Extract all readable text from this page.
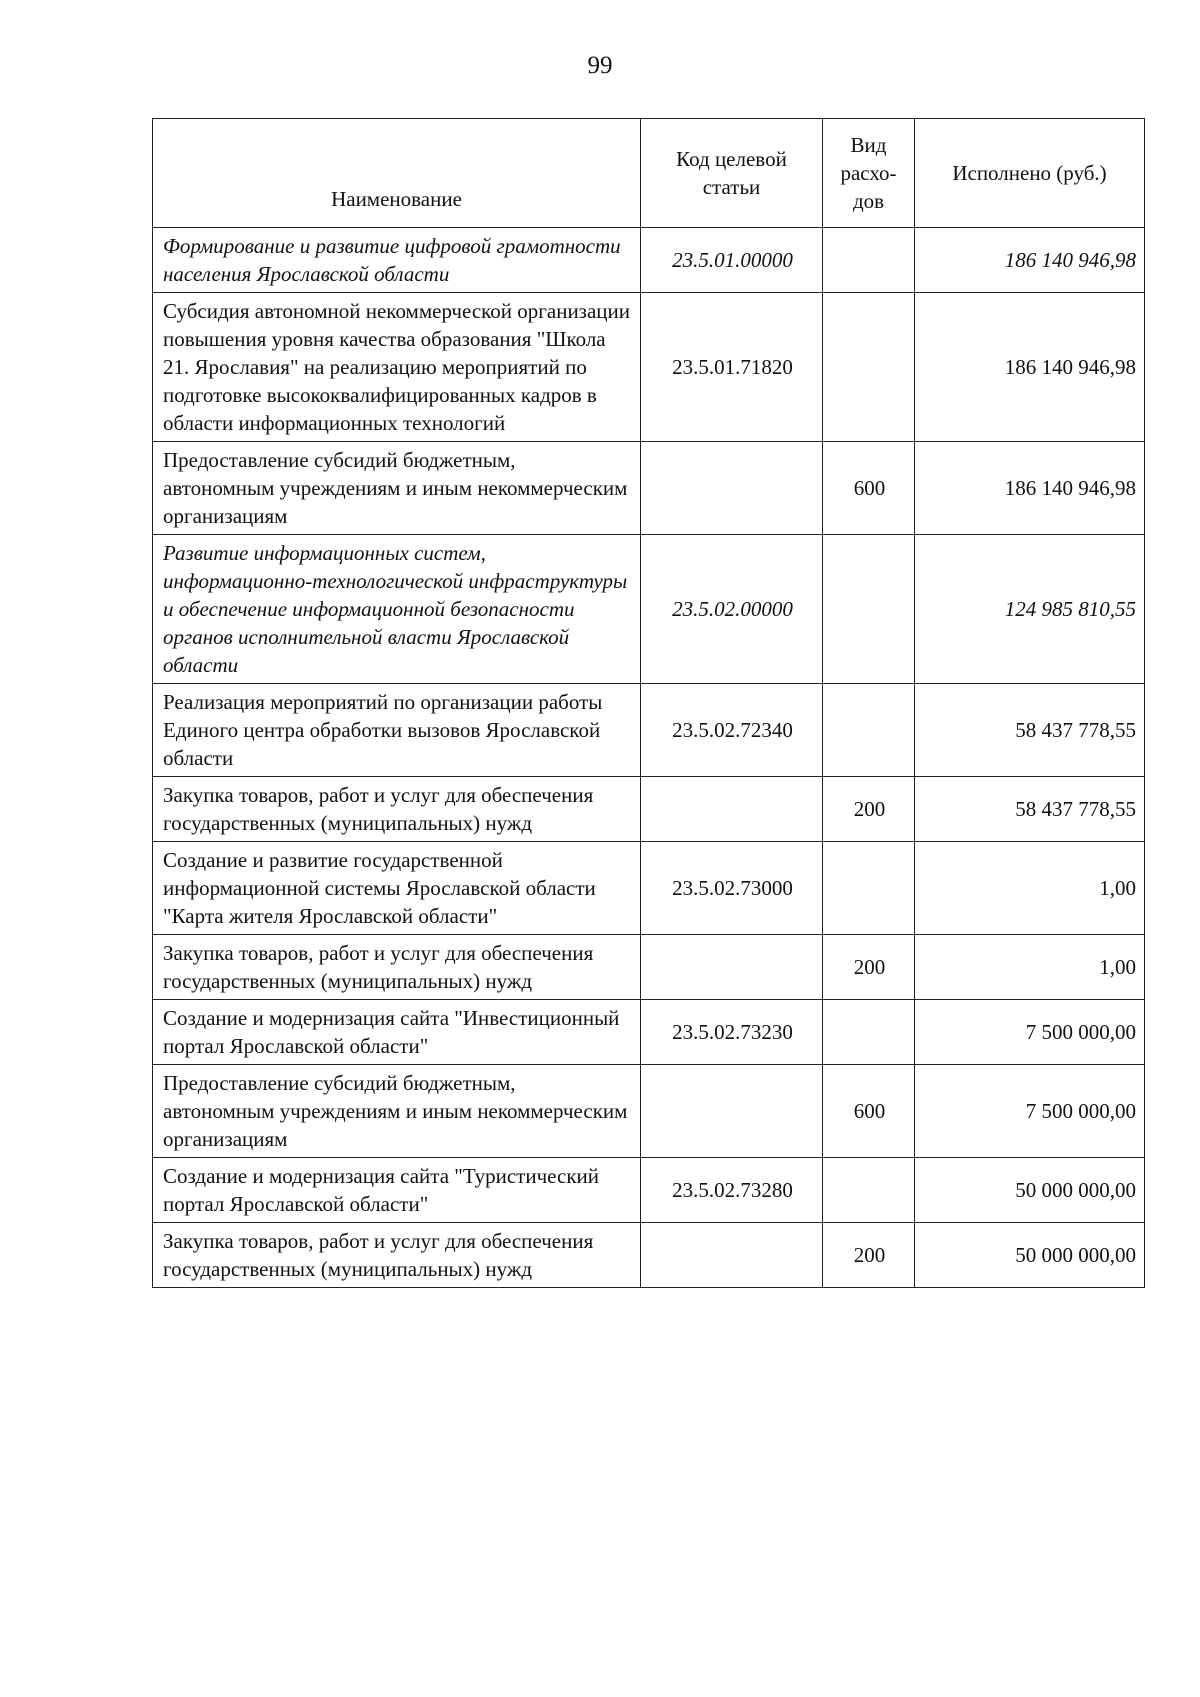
99
Наименование	Код целевой статьи	Вид расхо-дов	Исполнено (руб.)
Формирование и развитие цифровой грамотности населения Ярославской области	23.5.01.00000		186 140 946,98
Субсидия автономной некоммерческой организации повышения уровня качества образования "Школа 21. Ярославия" на реализацию мероприятий по подготовке высококвалифицированных кадров в области информационных технологий	23.5.01.71820		186 140 946,98
Предоставление субсидий бюджетным, автономным учреждениям и иным некоммерческим организациям		600	186 140 946,98
Развитие информационных систем, информационно-технологической инфраструктуры и обеспечение информационной безопасности органов исполнительной власти Ярославской области	23.5.02.00000		124 985 810,55
Реализация мероприятий по организации работы Единого центра обработки вызовов Ярославской области	23.5.02.72340		58 437 778,55
Закупка товаров, работ и услуг для обеспечения государственных (муниципальных) нужд		200	58 437 778,55
Создание и развитие государственной информационной системы Ярославской области "Карта жителя Ярославской области"	23.5.02.73000		1,00
Закупка товаров, работ и услуг для обеспечения государственных (муниципальных) нужд		200	1,00
Создание и модернизация сайта "Инвестиционный портал Ярославской области"	23.5.02.73230		7 500 000,00
Предоставление субсидий бюджетным, автономным учреждениям и иным некоммерческим организациям		600	7 500 000,00
Создание и модернизация сайта "Туристический портал Ярославской области"	23.5.02.73280		50 000 000,00
Закупка товаров, работ и услуг для обеспечения государственных (муниципальных) нужд		200	50 000 000,00
